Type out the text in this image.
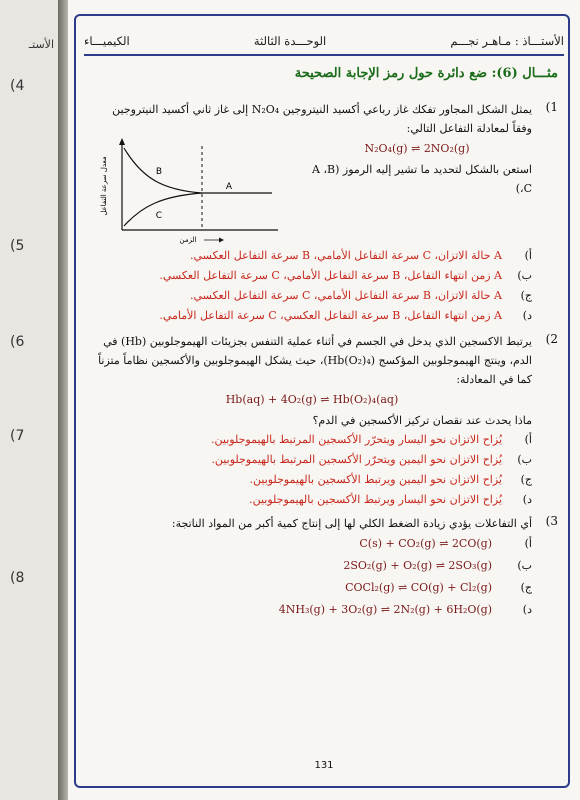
الأستـ
(4
(5
(6
(7
(8
الأستـــاذ : مـاهـر نجـــم
الوحـــدة الثالثة
الكيميـــاء
مثـــال (6): ضع دائرة حول رمز الإجابة الصحيحة
1)
يمثل الشكل المجاور تفكك غاز رباعي أكسيد النيتروجين N₂O₄ إلى غاز ثاني أكسيد النيتروجين
وفقاً لمعادلة التفاعل التالي:
B
C
A
معدل سرعة التفاعل
الزمن
N₂O₄(g) ⇌ 2NO₂(g)
استعن بالشكل لتحديد ما تشير إليه الرموز (A ،B ،C)
أ)
A حالة الاتزان، C سرعة التفاعل الأمامي، B سرعة التفاعل العكسي.
ب)
A زمن انتهاء التفاعل، B سرعة التفاعل الأمامي، C سرعة التفاعل العكسي.
ج)
A حالة الاتزان، B سرعة التفاعل الأمامي، C سرعة التفاعل العكسي.
د)
A زمن انتهاء التفاعل، B سرعة التفاعل العكسي، C سرعة التفاعل الأمامي.
2)
يرتبط الاكسجين الذي يدخل في الجسم في أثناء عملية التنفس بجزيئات الهيموجلوبين (Hb) في
الدم، وينتج الهيموجلوبين المؤكسج (Hb(O₂)₄)، حيث يشكل الهيموجلوبين والأكسجين نظاماً متزناً
كما في المعادلة:
Hb(aq) + 4O₂(g) ⇌ Hb(O₂)₄(aq)
ماذا يحدث عند نقصان تركيز الأكسجين في الدم؟
أ)
يُزاح الاتزان نحو اليسار ويتحرّر الأكسجين المرتبط بالهيموجلوبين.
ب)
يُزاح الاتزان نحو اليمين ويتحرّر الأكسجين المرتبط بالهيموجلوبين.
ج)
يُزاح الاتزان نحو اليمين ويرتبط الأكسجين بالهيموجلوبين.
د)
يُزاح الاتزان نحو اليسار ويرتبط الأكسجين بالهيموجلوبين.
3)
أي التفاعلات يؤدي زيادة الضغط الكلي لها إلى إنتاج كمية أكبر من المواد الناتجة:
أ)
C(s) + CO₂(g) ⇌ 2CO(g)

ب)
2SO₂(g) + O₂(g) ⇌ 2SO₃(g)

ج)
COCl₂(g) ⇌ CO(g) + Cl₂(g)

د)
4NH₃(g) + 3O₂(g) ⇌ 2N₂(g) + 6H₂O(g)

131
